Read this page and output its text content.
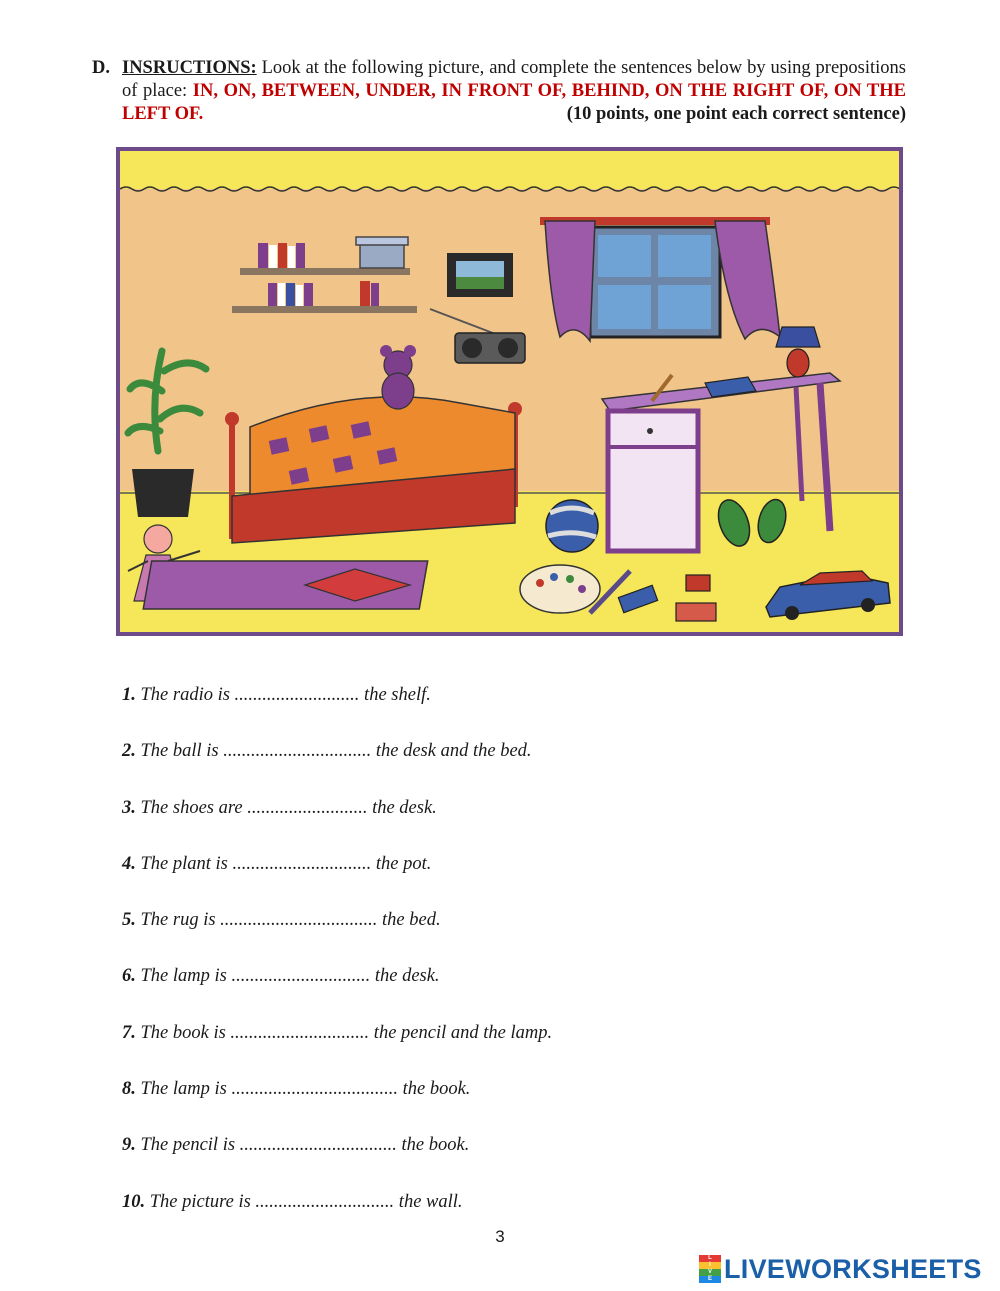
D. INSRUCTIONS: Look at the following picture, and complete the sentences below by using prepositions of place: IN, ON, BETWEEN, UNDER, IN FRONT OF, BEHIND, ON THE RIGHT OF, ON THE LEFT OF.	(10 points, one point each correct sentence)
1. The radio is ........................... the shelf.
2. The ball is ................................ the desk and the bed.
3. The shoes are .......................... the desk.
4. The plant is .............................. the pot.
5. The rug is .................................. the bed.
6. The lamp is .............................. the desk.
7. The book is .............................. the pencil and the lamp.
8. The lamp is .................................... the book.
9. The pencil is .................................. the book.
10. The picture is .............................. the wall.
3
L
I
V
E LIVEWORKSHEETS
